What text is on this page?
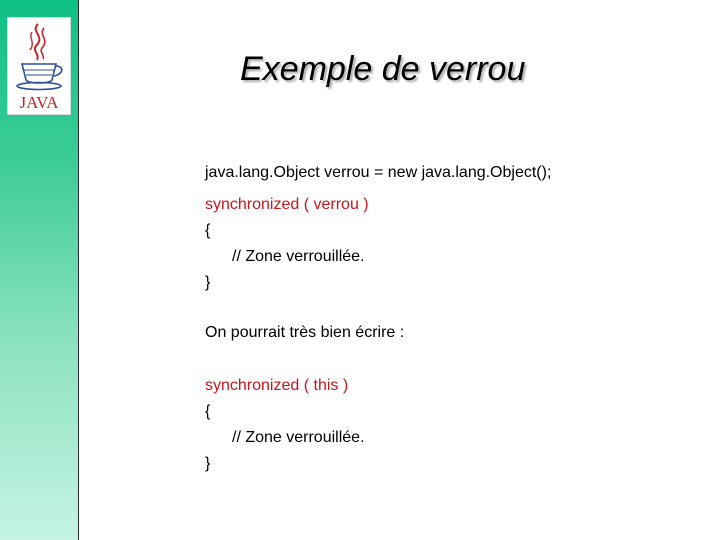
JAVA
Exemple de verrou
java.lang.Object verrou = new java.lang.Object();
synchronized ( verrou )
{
// Zone verrouillée.
}
On pourrait très bien écrire :
synchronized ( this )
{
// Zone verrouillée.
}
